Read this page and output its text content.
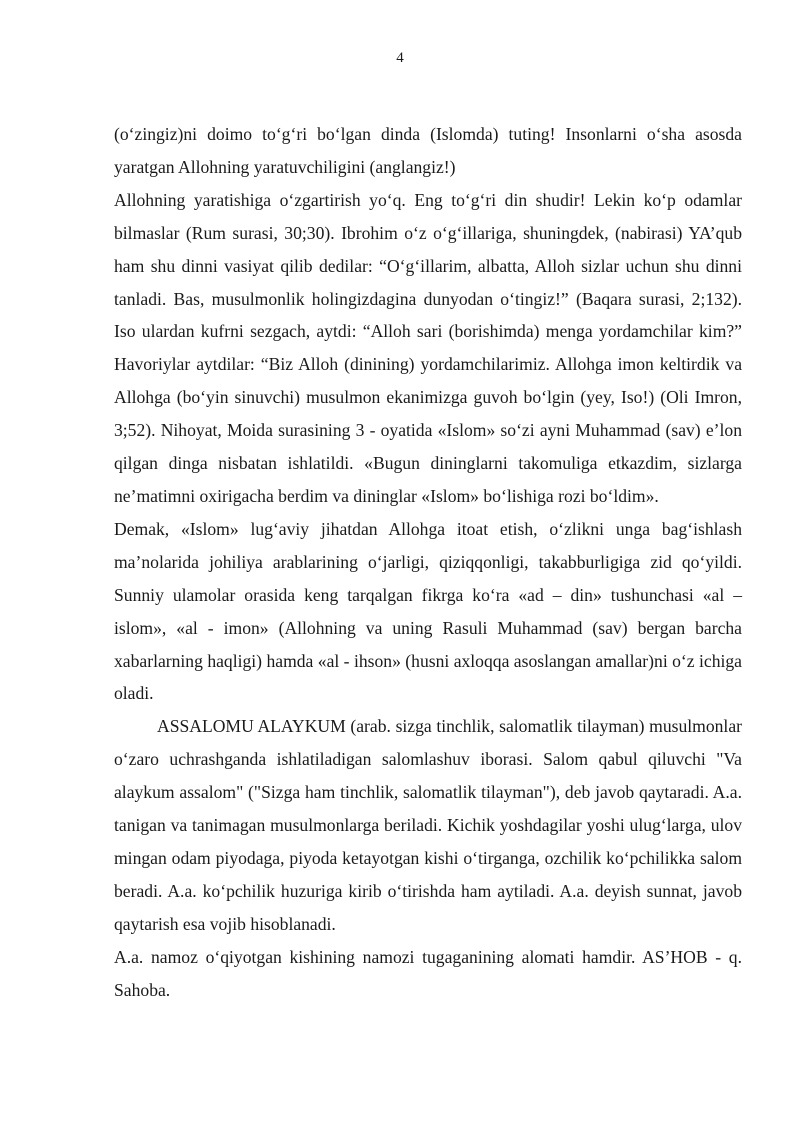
4

(o‘zingiz)ni doimo to‘g‘ri bo‘lgan dinda (Islomda) tuting! Insonlarni o‘sha asosda yaratgan Allohning yaratuvchiligini (anglangiz!)

Allohning yaratishiga o‘zgartirish yo‘q. Eng to‘g‘ri din shudir! Lekin ko‘p odamlar bilmaslar (Rum surasi, 30;30). Ibrohim o‘z o‘g‘illariga, shuningdek, (nabirasi) YA’qub ham shu dinni vasiyat qilib dedilar: “O‘g‘illarim, albatta, Alloh sizlar uchun shu dinni tanladi. Bas, musulmonlik holingizdagina dunyodan o‘tingiz!” (Baqara surasi, 2;132). Iso ulardan kufrni sezgach, aytdi: “Alloh sari (borishimda) menga yordamchilar kim?” Havoriylar aytdilar: “Biz Alloh (dinining) yordamchilarimiz. Allohga imon keltirdik va Allohga (bo‘yin sinuvchi) musulmon ekanimizga guvoh bo‘lgin (yey, Iso!) (Oli Imron, 3;52). Nihoyat, Moida surasining 3 - oyatida «Islom» so‘zi ayni Muhammad (sav) e’lon qilgan dinga nisbatan ishlatildi. «Bugun dininglarni takomuliga etkazdim, sizlarga ne’matimni oxirigacha berdim va dininglar «Islom» bo‘lishiga rozi bo‘ldim».

Demak, «Islom» lug‘aviy jihatdan Allohga itoat etish, o‘zlikni unga bag‘ishlash ma’nolarida johiliya arablarining o‘jarligi, qiziqqonligi, takabburligiga zid qo‘yildi. Sunniy ulamolar orasida keng tarqalgan fikrga ko‘ra «ad – din» tushunchasi «al – islom», «al - imon» (Allohning va uning Rasuli Muhammad (sav) bergan barcha xabarlarning haqligi) hamda «al - ihson» (husni axloqqa asoslangan amallar)ni o‘z ichiga oladi.

ASSALOMU ALAYKUM (arab. sizga tinchlik, salomatlik tilayman) musulmonlar o‘zaro uchrashganda ishlatiladigan salomlashuv iborasi. Salom qabul qiluvchi "Va alaykum assalom" ("Sizga ham tinchlik, salomatlik tilayman"), deb javob qaytaradi. A.a. tanigan va tanimagan musulmonlarga beriladi. Kichik yoshdagilar yoshi ulug‘larga, ulov mingan odam piyodaga, piyoda ketayotgan kishi o‘tirganga, ozchilik ko‘pchilikka salom beradi. A.a. ko‘pchilik huzuriga kirib o‘tirishda ham aytiladi. A.a. deyish sunnat, javob qaytarish esa vojib hisoblanadi.

A.a. namoz o‘qiyotgan kishining namozi tugaganining alomati hamdir. AS’HOB - q. Sahoba.
